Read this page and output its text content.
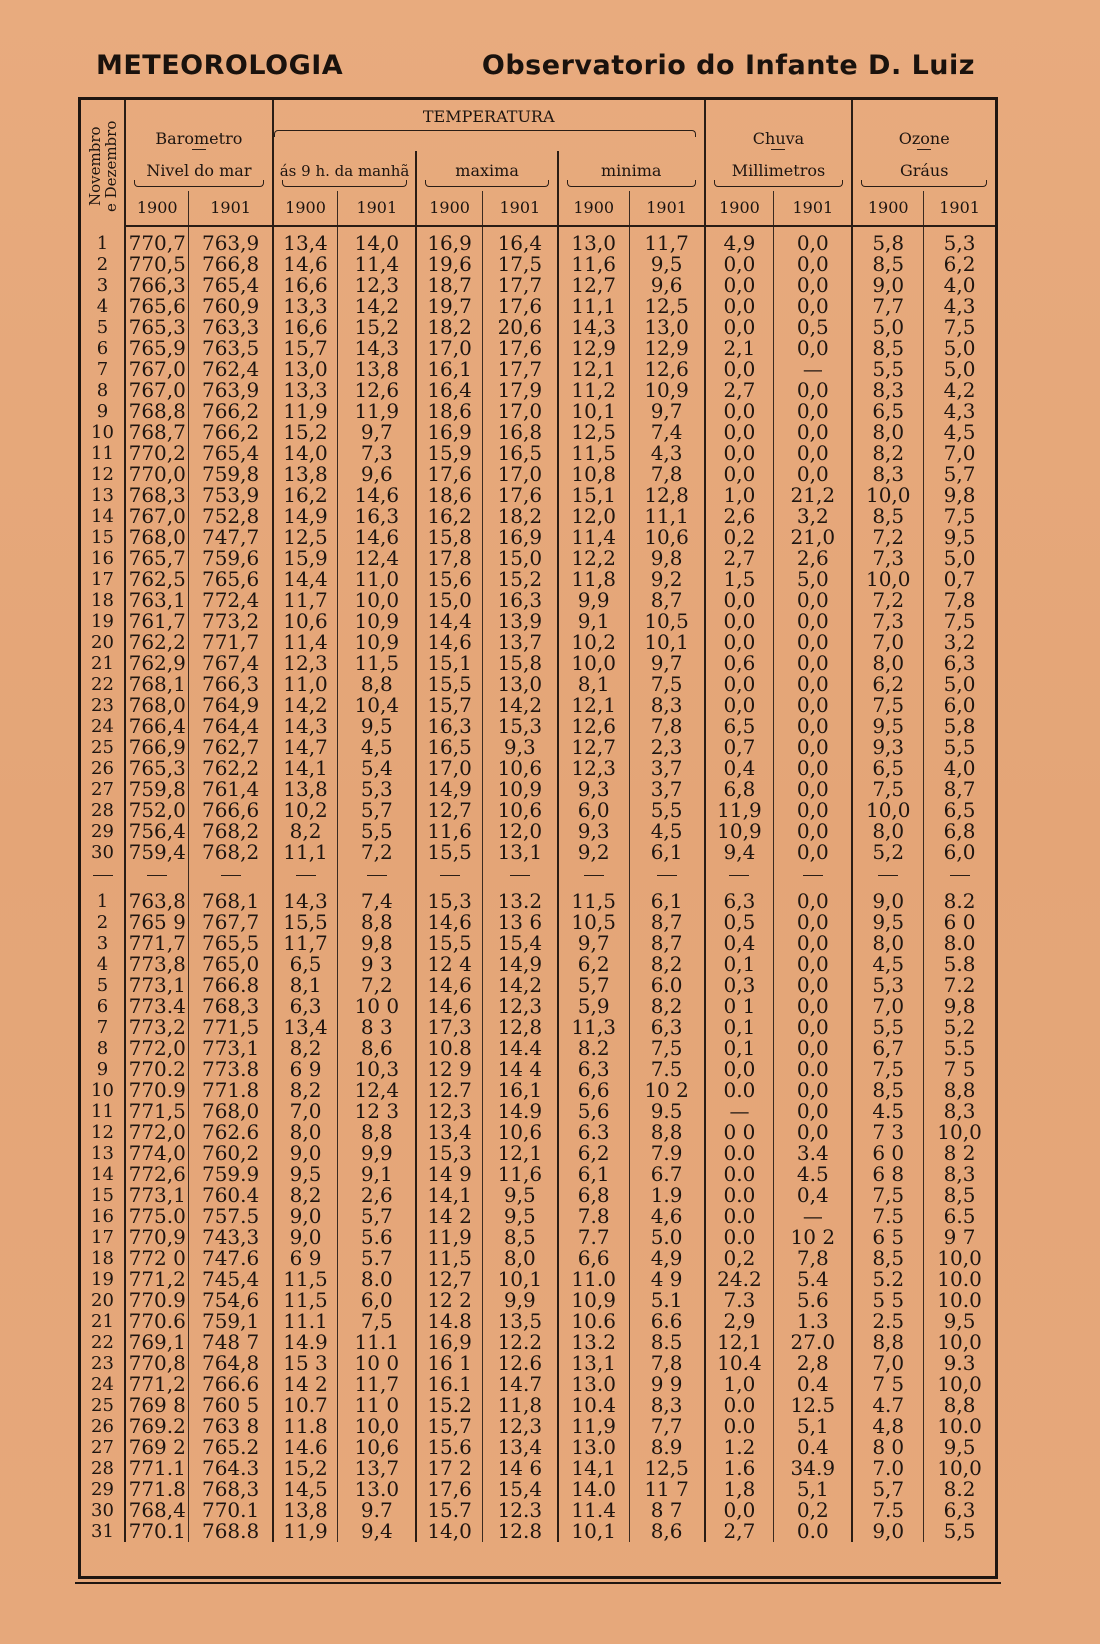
METEOROLOGIA	Observatorio do Infante D. Luiz
Novembro
e Dezembro	Barometro		TEMPERATURA						Chuva		Ozone	

	Nivel do mar		ás 9 h. da manhã		maxima		minima		Millimetros		Gráus	

	1900	1901	1900	1901	1900	1901	1900	1901	1900	1901	1900	1901
1	770,7	763,9	13,4	14,0	16,9	16,4	13,0	11,7	4,9	0,0	5,8	5,3
2	770,5	766,8	14,6	11,4	19,6	17,5	11,6	9,5	0,0	0,0	8,5	6,2
3	766,3	765,4	16,6	12,3	18,7	17,7	12,7	9,6	0,0	0,0	9,0	4,0
4	765,6	760,9	13,3	14,2	19,7	17,6	11,1	12,5	0,0	0,0	7,7	4,3
5	765,3	763,3	16,6	15,2	18,2	20,6	14,3	13,0	0,0	0,5	5,0	7,5
6	765,9	763,5	15,7	14,3	17,0	17,6	12,9	12,9	2,1	0,0	8,5	5,0
7	767,0	762,4	13,0	13,8	16,1	17,7	12,1	12,6	0,0	—	5,5	5,0
8	767,0	763,9	13,3	12,6	16,4	17,9	11,2	10,9	2,7	0,0	8,3	4,2
9	768,8	766,2	11,9	11,9	18,6	17,0	10,1	9,7	0,0	0,0	6,5	4,3
10	768,7	766,2	15,2	9,7	16,9	16,8	12,5	7,4	0,0	0,0	8,0	4,5
11	770,2	765,4	14,0	7,3	15,9	16,5	11,5	4,3	0,0	0,0	8,2	7,0
12	770,0	759,8	13,8	9,6	17,6	17,0	10,8	7,8	0,0	0,0	8,3	5,7
13	768,3	753,9	16,2	14,6	18,6	17,6	15,1	12,8	1,0	21,2	10,0	9,8
14	767,0	752,8	14,9	16,3	16,2	18,2	12,0	11,1	2,6	3,2	8,5	7,5
15	768,0	747,7	12,5	14,6	15,8	16,9	11,4	10,6	0,2	21,0	7,2	9,5
16	765,7	759,6	15,9	12,4	17,8	15,0	12,2	9,8	2,7	2,6	7,3	5,0
17	762,5	765,6	14,4	11,0	15,6	15,2	11,8	9,2	1,5	5,0	10,0	0,7
18	763,1	772,4	11,7	10,0	15,0	16,3	9,9	8,7	0,0	0,0	7,2	7,8
19	761,7	773,2	10,6	10,9	14,4	13,9	9,1	10,5	0,0	0,0	7,3	7,5
20	762,2	771,7	11,4	10,9	14,6	13,7	10,2	10,1	0,0	0,0	7,0	3,2
21	762,9	767,4	12,3	11,5	15,1	15,8	10,0	9,7	0,6	0,0	8,0	6,3
22	768,1	766,3	11,0	8,8	15,5	13,0	8,1	7,5	0,0	0,0	6,2	5,0
23	768,0	764,9	14,2	10,4	15,7	14,2	12,1	8,3	0,0	0,0	7,5	6,0
24	766,4	764,4	14,3	9,5	16,3	15,3	12,6	7,8	6,5	0,0	9,5	5,8
25	766,9	762,7	14,7	4,5	16,5	9,3	12,7	2,3	0,7	0,0	9,3	5,5
26	765,3	762,2	14,1	5,4	17,0	10,6	12,3	3,7	0,4	0,0	6,5	4,0
27	759,8	761,4	13,8	5,3	14,9	10,9	9,3	3,7	6,8	0,0	7,5	8,7
28	752,0	766,6	10,2	5,7	12,7	10,6	6,0	5,5	11,9	0,0	10,0	6,5
29	756,4	768,2	8,2	5,5	11,6	12,0	9,3	4,5	10,9	0,0	8,0	6,8
30	759,4	768,2	11,1	7,2	15,5	13,1	9,2	6,1	9,4	0,0	5,2	6,0

1	763,8	768,1	14,3	7,4	15,3	13.2	11,5	6,1	6,3	0,0	9,0	8.2
2	765 9	767,7	15,5	8,8	14,6	13 6	10,5	8,7	0,5	0,0	9,5	6 0
3	771,7	765,5	11,7	9,8	15,5	15,4	9,7	8,7	0,4	0,0	8,0	8.0
4	773,8	765,0	6,5	9 3	12 4	14,9	6,2	8,2	0,1	0,0	4,5	5.8
5	773,1	766.8	8,1	7,2	14,6	14,2	5,7	6.0	0,3	0,0	5,3	7.2
6	773.4	768,3	6,3	10 0	14,6	12,3	5,9	8,2	0 1	0,0	7,0	9,8
7	773,2	771,5	13,4	8 3	17,3	12,8	11,3	6,3	0,1	0,0	5,5	5,2
8	772,0	773,1	8,2	8,6	10.8	14.4	8.2	7,5	0,1	0,0	6,7	5.5
9	770.2	773.8	6 9	10,3	12 9	14 4	6,3	7.5	0,0	0.0	7,5	7 5
10	770.9	771.8	8,2	12,4	12.7	16,1	6,6	10 2	0.0	0,0	8,5	8,8
11	771,5	768,0	7,0	12 3	12,3	14.9	5,6	9.5	—	0,0	4.5	8,3
12	772,0	762.6	8,0	8,8	13,4	10,6	6.3	8,8	0 0	0,0	7 3	10,0
13	774,0	760,2	9,0	9,9	15,3	12,1	6,2	7.9	0.0	3.4	6 0	8 2
14	772,6	759.9	9,5	9,1	14 9	11,6	6,1	6.7	0.0	4.5	6 8	8,3
15	773,1	760.4	8,2	2,6	14,1	9,5	6,8	1.9	0.0	0,4	7,5	8,5
16	775.0	757.5	9,0	5,7	14 2	9,5	7.8	4,6	0.0	—	7.5	6.5
17	770,9	743,3	9,0	5.6	11,9	8,5	7.7	5.0	0.0	10 2	6 5	9 7
18	772 0	747.6	6 9	5.7	11,5	8,0	6,6	4,9	0,2	7,8	8,5	10,0
19	771,2	745,4	11,5	8.0	12,7	10,1	11.0	4 9	24.2	5.4	5.2	10.0
20	770.9	754,6	11,5	6,0	12 2	9,9	10,9	5.1	7.3	5.6	5 5	10.0
21	770.6	759,1	11.1	7,5	14.8	13,5	10.6	6.6	2,9	1.3	2.5	9,5
22	769,1	748 7	14.9	11.1	16,9	12.2	13.2	8.5	12,1	27.0	8,8	10,0
23	770,8	764,8	15 3	10 0	16 1	12.6	13,1	7,8	10.4	2,8	7,0	9.3
24	771,2	766.6	14 2	11,7	16.1	14.7	13.0	9 9	1,0	0.4	7 5	10,0
25	769 8	760 5	10.7	11 0	15.2	11,8	10.4	8,3	0.0	12.5	4.7	8,8
26	769.2	763 8	11.8	10,0	15,7	12,3	11,9	7,7	0.0	5,1	4,8	10.0
27	769 2	765.2	14.6	10,6	15.6	13,4	13.0	8.9	1.2	0.4	8 0	9,5
28	771.1	764.3	15,2	13,7	17 2	14 6	14,1	12,5	1.6	34.9	7.0	10,0
29	771.8	768,3	14,5	13.0	17,6	15,4	14.0	11 7	1,8	5,1	5,7	8.2
30	768,4	770.1	13,8	9.7	15.7	12.3	11.4	8 7	0,0	0,2	7.5	6,3
31	770.1	768.8	11,9	9,4	14,0	12.8	10,1	8,6	2,7	0.0	9,0	5,5
